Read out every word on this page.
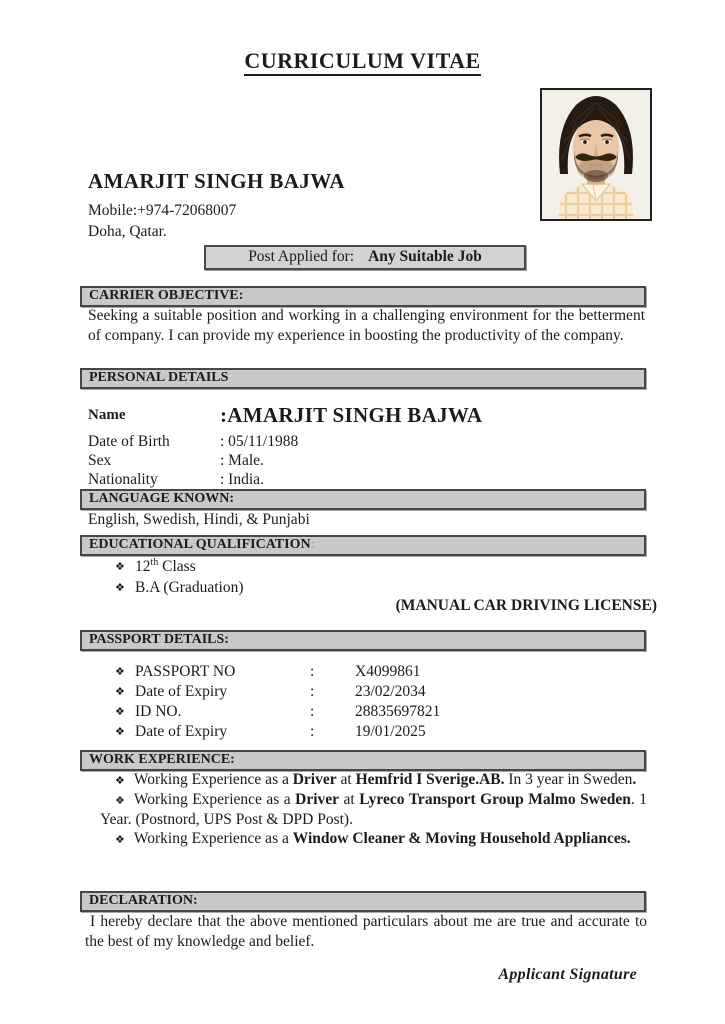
CURRICULUM VITAE
AMARJIT SINGH BAJWA
Mobile:+974-72068007
Doha, Qatar.
Post Applied for: Any Suitable Job
CARRIER OBJECTIVE:
Seeking a suitable position and working in a challenging environment for the betterment of company. I can provide my experience in boosting the productivity of the company.
PERSONAL DETAILS
Name	:AMARJIT SINGH BAJWA
Date of Birth	: 05/11/1988
Sex	: Male.
Nationality	: India.
LANGUAGE KNOWN:
English, Swedish, Hindi, & Punjabi
EDUCATIONAL QUALIFICATION:
❖ 12th Class
❖ B.A (Graduation)
(MANUAL CAR DRIVING LICENSE)
PASSPORT DETAILS:
❖ PASSPORT NO	:	X4099861
❖ Date of Expiry	:	23/02/2034
❖ ID NO.	:	28835697821
❖ Date of Expiry	:	19/01/2025
WORK EXPERIENCE:
❖ Working Experience as a Driver at Hemfrid I Sverige.AB. In 3 year in Sweden.
❖ Working Experience as a Driver at Lyreco Transport Group Malmo Sweden. 1 Year. (Postnord, UPS Post & DPD Post).
❖ Working Experience as a Window Cleaner & Moving Household Appliances.
DECLARATION:
I hereby declare that the above mentioned particulars about me are true and accurate to the best of my knowledge and belief.
Applicant Signature
